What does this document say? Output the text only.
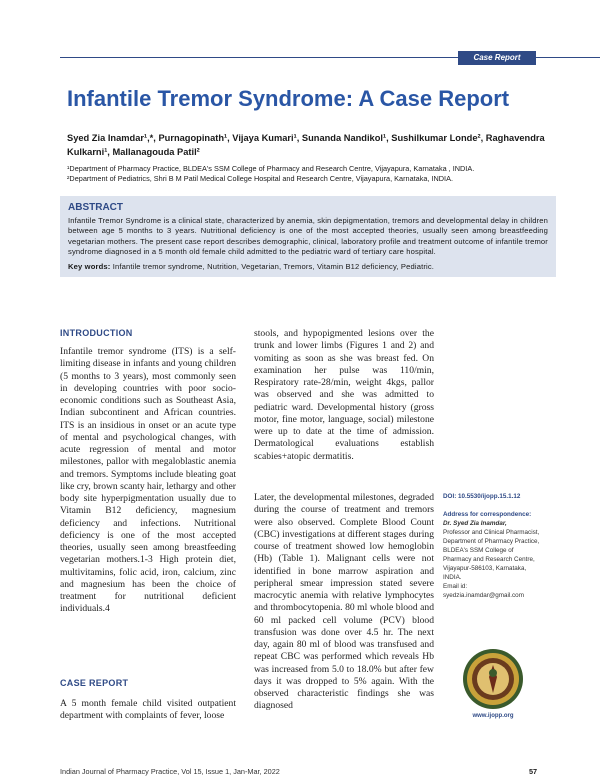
Case Report
Infantile Tremor Syndrome: A Case Report

Syed Zia Inamdar¹,*, Purnagopinath¹, Vijaya Kumari¹, Sunanda Nandikol¹, Sushilkumar Londe², Raghavendra Kulkarni¹, Mallanagouda Patil²

¹Department of Pharmacy Practice, BLDEA's SSM College of Pharmacy and Research Centre, Vijayapura, Karnataka , INDIA.

²Department of Pediatrics, Shri B M Patil Medical College Hospital and Research Centre, Vijayapura, Karnataka, INDIA.

ABSTRACT

Infantile Tremor Syndrome is a clinical state, characterized by anemia, skin depigmentation, tremors and developmental delay in children between age 5 months to 3 years. Nutritional deficiency is one of the most accepted theories, usually seen among breastfeeding vegetarian mothers. The present case report describes demographic, clinical, laboratory profile and treatment outcome of infantile tremor syndrome diagnosed in a 5 month old female child admitted to the pediatric ward of tertiary care hospital.

Key words: Infantile tremor syndrome, Nutrition, Vegetarian, Tremors, Vitamin B12 deficiency, Pediatric.

INTRODUCTION

Infantile tremor syndrome (ITS) is a self-limiting disease in infants and young children (5 months to 3 years), most commonly seen in developing countries with poor socio-economic conditions such as Southeast Asia, Indian subcontinent and African countries. ITS is an insidious in onset or an acute type of mental and psychological changes, with acute regression of mental and motor milestones, pallor with megaloblastic anemia and tremors. Symptoms include bleating goat like cry, brown scanty hair, lethargy and other body site hyperpigmentation usually due to Vitamin B12 deficiency, magnesium deficiency and infections. Nutritional deficiency is one of the most accepted theories, usually seen among breastfeeding vegetarian mothers.1-3 High protein diet, multivitamins, folic acid, iron, calcium, zinc and magnesium has been the choice of treatment for nutritional deficient individuals.4

CASE REPORT

A 5 month female child visited outpatient department with complaints of fever, loose

stools, and hypopigmented lesions over the trunk and lower limbs (Figures 1 and 2) and vomiting as soon as she was breast fed. On examination her pulse was 110/min, Respiratory rate-28/min, weight 4kgs, pallor was observed and she was admitted to pediatric ward. Developmental history (gross motor, fine motor, language, social) milestone were up to date at the time of admission. Dermatological evaluations establish scabies+atopic dermatitis.

Later, the developmental milestones, degraded during the course of treatment and tremors were also observed. Complete Blood Count (CBC) investigations at different stages during course of treatment showed low hemoglobin (Hb) (Table 1). Malignant cells were not identified in bone marrow aspiration and peripheral smear impression stated severe macrocytic anemia with relative lymphocytes and thrombocytopenia. 80 ml whole blood and 60 ml packed cell volume (PCV) blood transfusion was done over 4.5 hr. The next day, again 80 ml of blood was transfused and repeat CBC was performed which reveals Hb was increased from 5.0 to 18.0% but after few days it was dropped to 5% again. With the observed characteristic findings she was diagnosed

DOI: 10.5530/ijopp.15.1.12

Address for correspondence:

Dr. Syed Zia Inamdar,

Professor and Clinical Pharmacist, Department of Pharmacy Practice, BLDEA's SSM College of Pharmacy and Research Centre, Vijayapur-586103, Karnataka, INDIA.

Email id: syedzia.inamdar@gmail.com

www.ijopp.org
Indian Journal of Pharmacy Practice, Vol 15, Issue 1, Jan-Mar, 2022	57
